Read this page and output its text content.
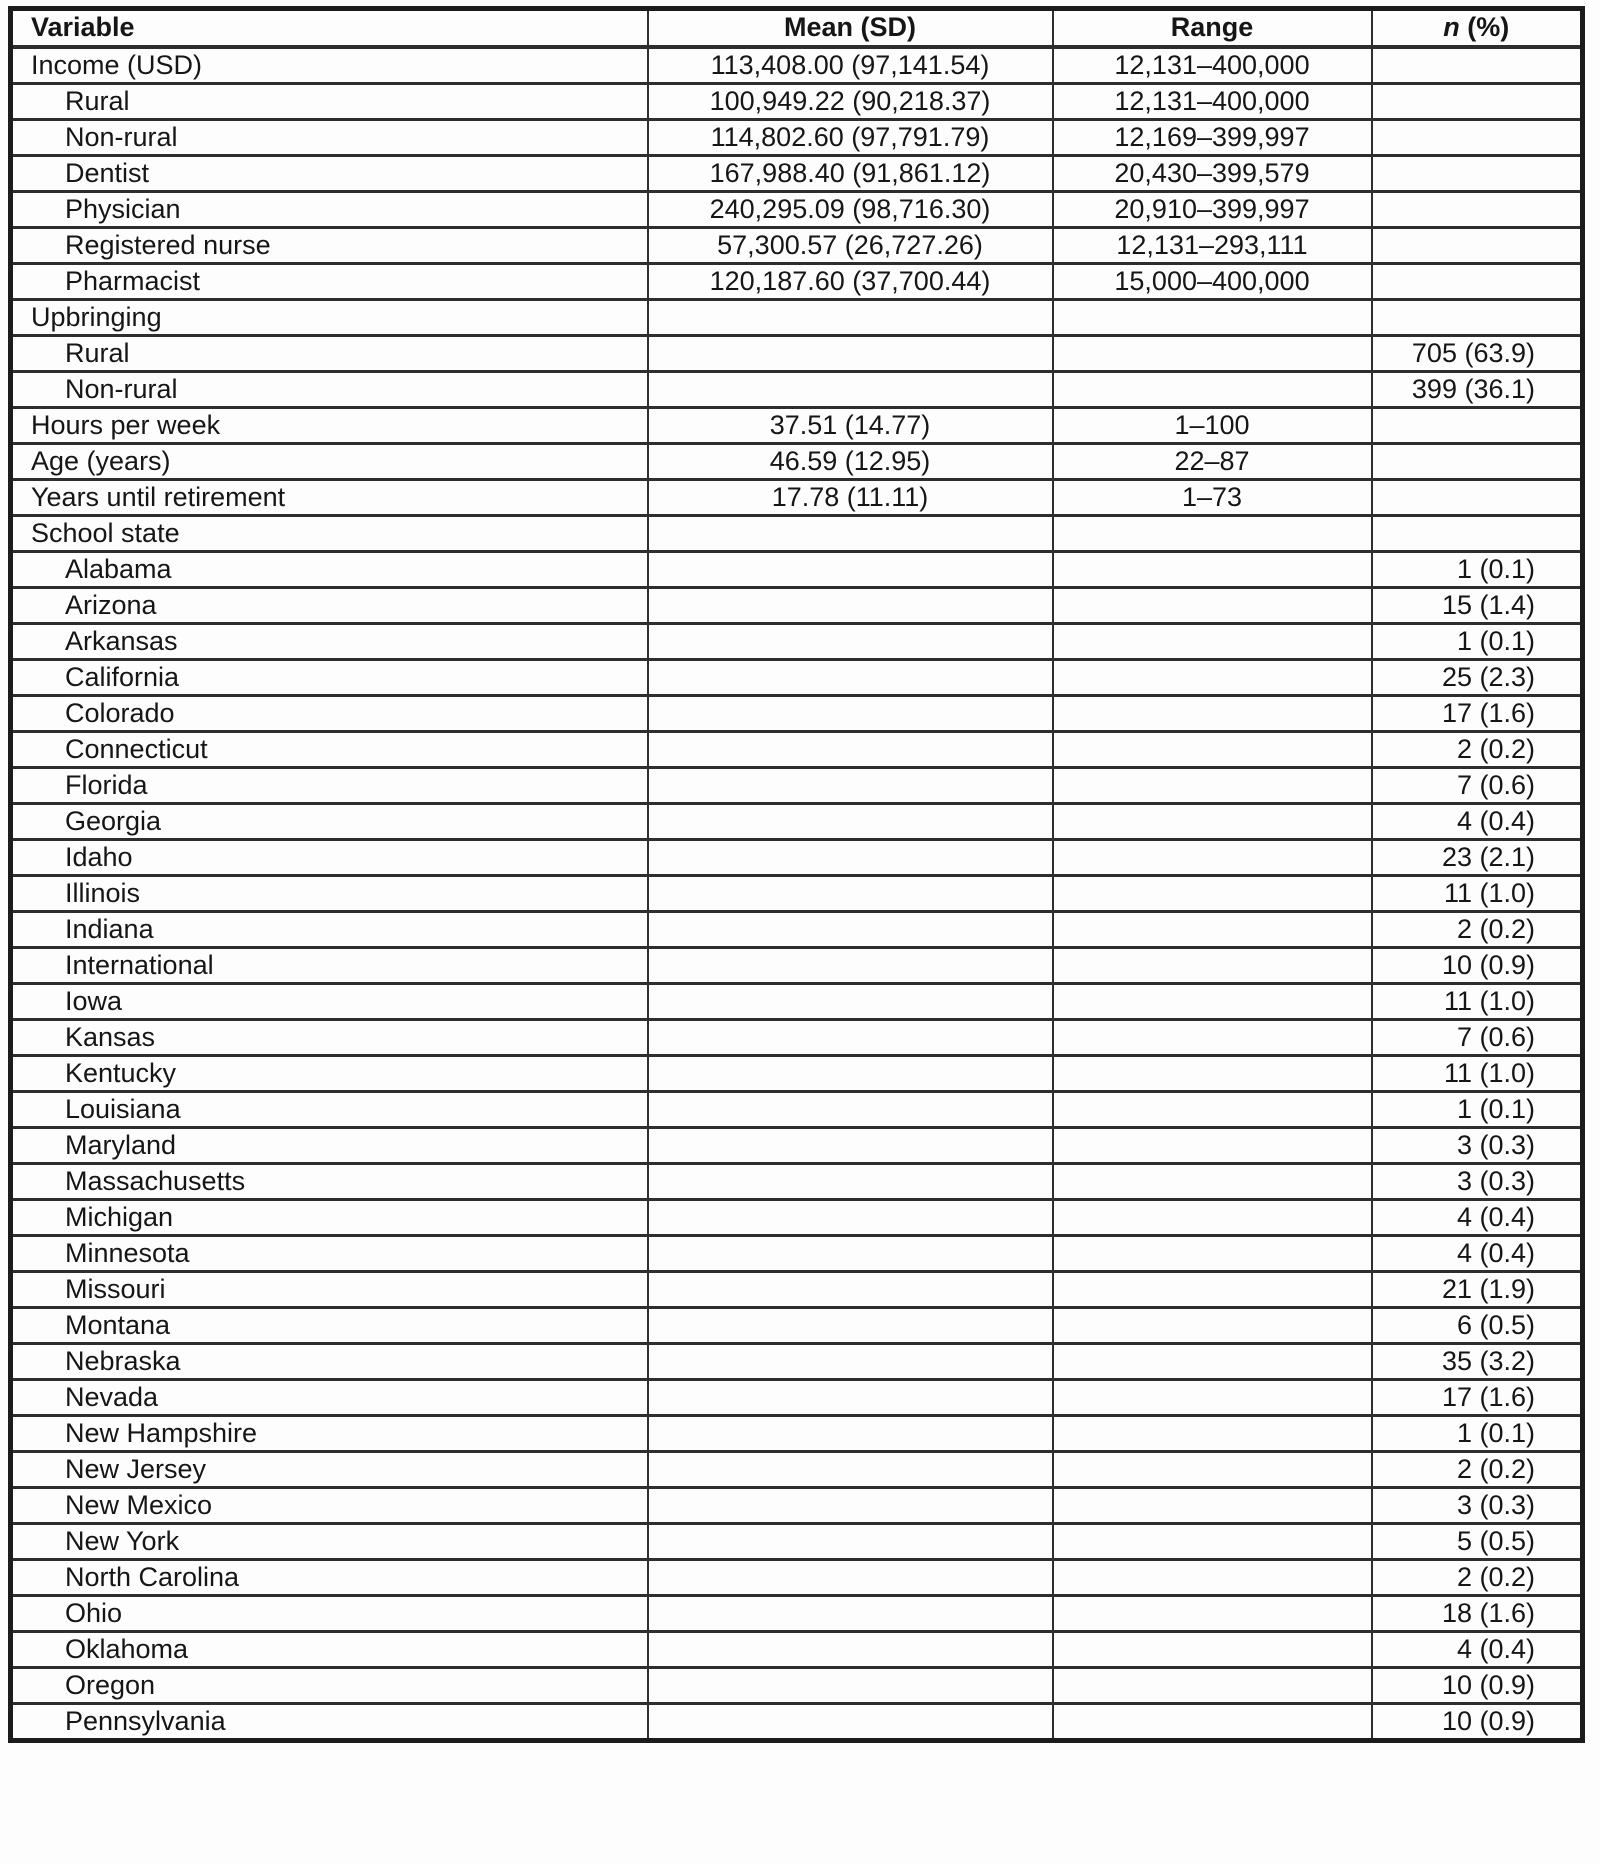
Variable	Mean (SD)	Range	n (%)
Income (USD)	113,408.00 (97,141.54)	12,131–400,000	
Rural	100,949.22 (90,218.37)	12,131–400,000	
Non-rural	114,802.60 (97,791.79)	12,169–399,997	
Dentist	167,988.40 (91,861.12)	20,430–399,579	
Physician	240,295.09 (98,716.30)	20,910–399,997	
Registered nurse	57,300.57 (26,727.26)	12,131–293,111	
Pharmacist	120,187.60 (37,700.44)	15,000–400,000	
Upbringing			
Rural			705 (63.9)
Non-rural			399 (36.1)
Hours per week	37.51 (14.77)	1–100	
Age (years)	46.59 (12.95)	22–87	
Years until retirement	17.78 (11.11)	1–73	
School state			
Alabama			1 (0.1)
Arizona			15 (1.4)
Arkansas			1 (0.1)
California			25 (2.3)
Colorado			17 (1.6)
Connecticut			2 (0.2)
Florida			7 (0.6)
Georgia			4 (0.4)
Idaho			23 (2.1)
Illinois			11 (1.0)
Indiana			2 (0.2)
International			10 (0.9)
Iowa			11 (1.0)
Kansas			7 (0.6)
Kentucky			11 (1.0)
Louisiana			1 (0.1)
Maryland			3 (0.3)
Massachusetts			3 (0.3)
Michigan			4 (0.4)
Minnesota			4 (0.4)
Missouri			21 (1.9)
Montana			6 (0.5)
Nebraska			35 (3.2)
Nevada			17 (1.6)
New Hampshire			1 (0.1)
New Jersey			2 (0.2)
New Mexico			3 (0.3)
New York			5 (0.5)
North Carolina			2 (0.2)
Ohio			18 (1.6)
Oklahoma			4 (0.4)
Oregon			10 (0.9)
Pennsylvania			10 (0.9)
